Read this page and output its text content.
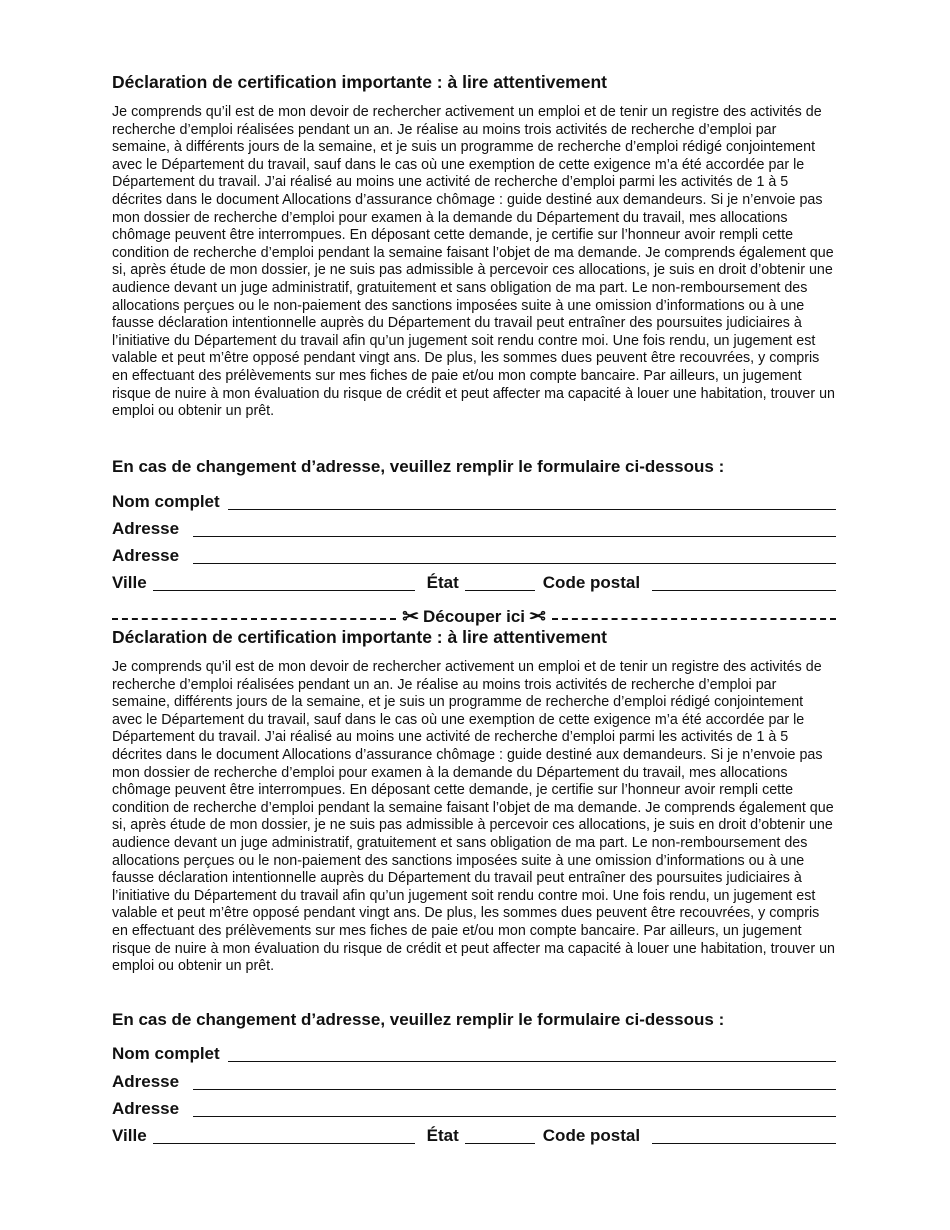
Déclaration de certification importante : à lire attentivement

Je comprends qu’il est de mon devoir de rechercher activement un emploi et de tenir un registre des activités de recherche d’emploi réalisées pendant un an. Je réalise au moins trois activités de recherche d’emploi par semaine, à différents jours de la semaine, et je suis un programme de recherche d’emploi rédigé conjointement avec le Département du travail, sauf dans le cas où une exemption de cette exigence m’a été accordée par le Département du travail. J’ai réalisé au moins une activité de recherche d’emploi parmi les activités de 1 à 5 décrites dans le document Allocations d’assurance chômage : guide destiné aux demandeurs. Si je n’envoie pas mon dossier de recherche d’emploi pour examen à la demande du Département du travail, mes allocations chômage peuvent être interrompues. En déposant cette demande, je certifie sur l’honneur avoir rempli cette condition de recherche d’emploi pendant la semaine faisant l’objet de ma demande. Je comprends également que si, après étude de mon dossier, je ne suis pas admissible à percevoir ces allocations, je suis en droit d’obtenir une audience devant un juge administratif, gratuitement et sans obligation de ma part. Le non-remboursement des allocations perçues ou le non-paiement des sanctions imposées suite à une omission d’informations ou à une fausse déclaration intentionnelle auprès du Département du travail peut entraîner des poursuites judiciaires à l’initiative du Département du travail afin qu’un jugement soit rendu contre moi. Une fois rendu, un jugement est valable et peut m’être opposé pendant vingt ans. De plus, les sommes dues peuvent être recouvrées, y compris en effectuant des prélèvements sur mes fiches de paie et/ou mon compte bancaire. Par ailleurs, un jugement risque de nuire à mon évaluation du risque de crédit et peut affecter ma capacité à louer une habitation, trouver un emploi ou obtenir un prêt.

En cas de changement d’adresse, veuillez remplir le formulaire ci-dessous :
Nom complet
Adresse
Adresse
Ville	État	Code postal
✂ Découper ici ✂
Déclaration de certification importante : à lire attentivement

Je comprends qu’il est de mon devoir de rechercher activement un emploi et de tenir un registre des activités de recherche d’emploi réalisées pendant un an. Je réalise au moins trois activités de recherche d’emploi par semaine, différents jours de la semaine, et je suis un programme de recherche d’emploi rédigé conjointement avec le Département du travail, sauf dans le cas où une exemption de cette exigence m’a été accordée par le Département du travail. J’ai réalisé au moins une activité de recherche d’emploi parmi les activités de 1 à 5 décrites dans le document Allocations d’assurance chômage : guide destiné aux demandeurs. Si je n’envoie pas mon dossier de recherche d’emploi pour examen à la demande du Département du travail, mes allocations chômage peuvent être interrompues. En déposant cette demande, je certifie sur l’honneur avoir rempli cette condition de recherche d’emploi pendant la semaine faisant l’objet de ma demande. Je comprends également que si, après étude de mon dossier, je ne suis pas admissible à percevoir ces allocations, je suis en droit d’obtenir une audience devant un juge administratif, gratuitement et sans obligation de ma part. Le non-remboursement des allocations perçues ou le non-paiement des sanctions imposées suite à une omission d’informations ou à une fausse déclaration intentionnelle auprès du Département du travail peut entraîner des poursuites judiciaires à l’initiative du Département du travail afin qu’un jugement soit rendu contre moi. Une fois rendu, un jugement est valable et peut m’être opposé pendant vingt ans. De plus, les sommes dues peuvent être recouvrées, y compris en effectuant des prélèvements sur mes fiches de paie et/ou mon compte bancaire. Par ailleurs, un jugement risque de nuire à mon évaluation du risque de crédit et peut affecter ma capacité à louer une habitation, trouver un emploi ou obtenir un prêt.

En cas de changement d’adresse, veuillez remplir le formulaire ci-dessous :
Nom complet
Adresse
Adresse
Ville	État	Code postal
